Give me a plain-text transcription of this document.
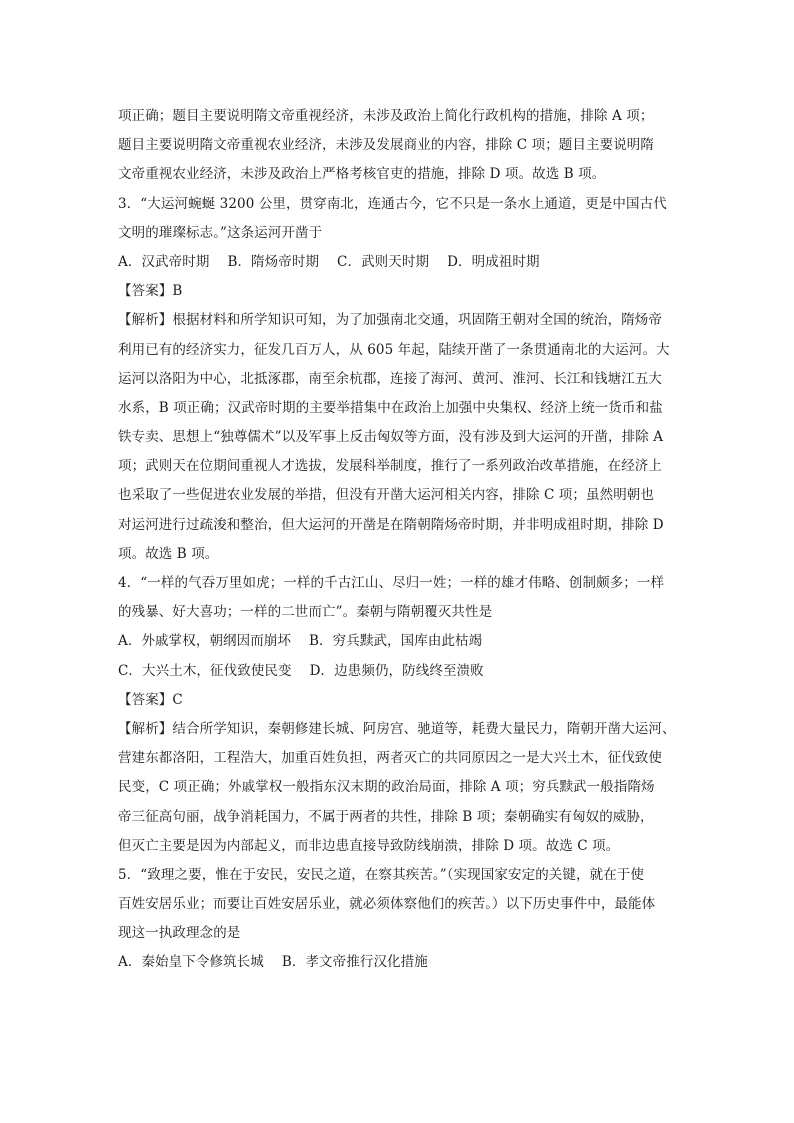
项正确；题目主要说明隋文帝重视经济，未涉及政治上简化行政机构的措施，排除 A 项；
题目主要说明隋文帝重视农业经济，未涉及发展商业的内容，排除 C 项；题目主要说明隋
文帝重视农业经济，未涉及政治上严格考核官吏的措施，排除 D 项。故选 B 项。
3．“大运河蜿蜒 3200 公里，贯穿南北，连通古今，它不只是一条水上通道，更是中国古代
文明的璀璨标志。”这条运河开凿于
A．汉武帝时期　 B．隋炀帝时期　 C．武则天时期　 D．明成祖时期
【答案】B
【解析】根据材料和所学知识可知，为了加强南北交通，巩固隋王朝对全国的统治，隋炀帝
利用已有的经济实力，征发几百万人，从 605 年起，陆续开凿了一条贯通南北的大运河。大
运河以洛阳为中心，北抵涿郡，南至余杭郡，连接了海河、黄河、淮河、长江和钱塘江五大
水系，B 项正确；汉武帝时期的主要举措集中在政治上加强中央集权、经济上统一货币和盐
铁专卖、思想上“独尊儒术”以及军事上反击匈奴等方面，没有涉及到大运河的开凿，排除 A
项；武则天在位期间重视人才选拔，发展科举制度，推行了一系列政治改革措施，在经济上
也采取了一些促进农业发展的举措，但没有开凿大运河相关内容，排除 C 项；虽然明朝也
对运河进行过疏浚和整治，但大运河的开凿是在隋朝隋炀帝时期，并非明成祖时期，排除 D
项。故选 B 项。
4．“一样的气吞万里如虎；一样的千古江山、尽归一姓；一样的雄才伟略、创制颇多；一样
的残暴、好大喜功；一样的二世而亡”。秦朝与隋朝覆灭共性是
A．外戚掌权，朝纲因而崩坏　 B．穷兵黩武，国库由此枯竭
C．大兴土木，征伐致使民变　 D．边患频仍，防线终至溃败
【答案】C
【解析】结合所学知识，秦朝修建长城、阿房宫、驰道等，耗费大量民力，隋朝开凿大运河、
营建东都洛阳，工程浩大，加重百姓负担，两者灭亡的共同原因之一是大兴土木，征伐致使
民变，C 项正确；外戚掌权一般指东汉末期的政治局面，排除 A 项；穷兵黩武一般指隋炀
帝三征高句丽，战争消耗国力，不属于两者的共性，排除 B 项；秦朝确实有匈奴的威胁，
但灭亡主要是因为内部起义，而非边患直接导致防线崩溃，排除 D 项。故选 C 项。
5．“致理之要，惟在于安民，安民之道，在察其疾苦。”（实现国家安定的关键，就在于使
百姓安居乐业；而要让百姓安居乐业，就必须体察他们的疾苦。）以下历史事件中，最能体
现这一执政理念的是
A．秦始皇下令修筑长城　 B．孝文帝推行汉化措施
